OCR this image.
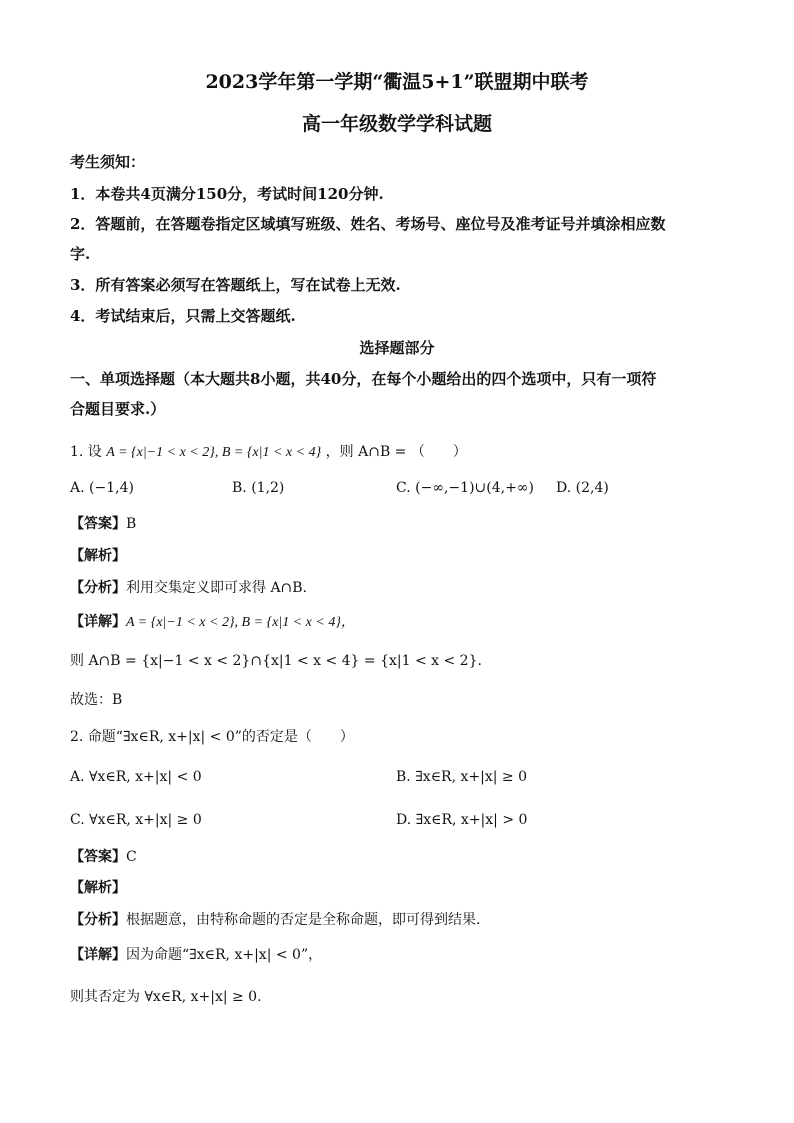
2023学年第一学期“衢温5+1”联盟期中联考
高一年级数学学科试题
考生须知：
1．本卷共4页满分150分，考试时间120分钟.
2．答题前，在答题卷指定区域填写班级、姓名、考场号、座位号及准考证号并填涂相应数
字.
3．所有答案必须写在答题纸上，写在试卷上无效.
4．考试结束后，只需上交答题纸.
选择题部分
一、单项选择题（本大题共8小题，共40分，在每个小题给出的四个选项中，只有一项符
合题目要求.）
1. 设 A = {x|−1 < x < 2}, B = {x|1 < x < 4} ，则 A∩B = （　　）
A. (−1,4)	B. (1,2)	C. (−∞,−1)∪(4,+∞) D. (2,4)
【答案】B
【解析】
【分析】利用交集定义即可求得 A∩B.
【详解】A = {x|−1 < x < 2}, B = {x|1 < x < 4}，
则 A∩B = {x|−1 < x < 2}∩{x|1 < x < 4} = {x|1 < x < 2}.
故选：B
2. 命题“∃x∈R, x+|x| < 0”的否定是（　　）
A. ∀x∈R, x+|x| < 0	B. ∃x∈R, x+|x| ≥ 0
C. ∀x∈R, x+|x| ≥ 0	D. ∃x∈R, x+|x| > 0
【答案】C
【解析】
【分析】根据题意，由特称命题的否定是全称命题，即可得到结果.
【详解】因为命题“∃x∈R, x+|x| < 0”，
则其否定为 ∀x∈R, x+|x| ≥ 0.
